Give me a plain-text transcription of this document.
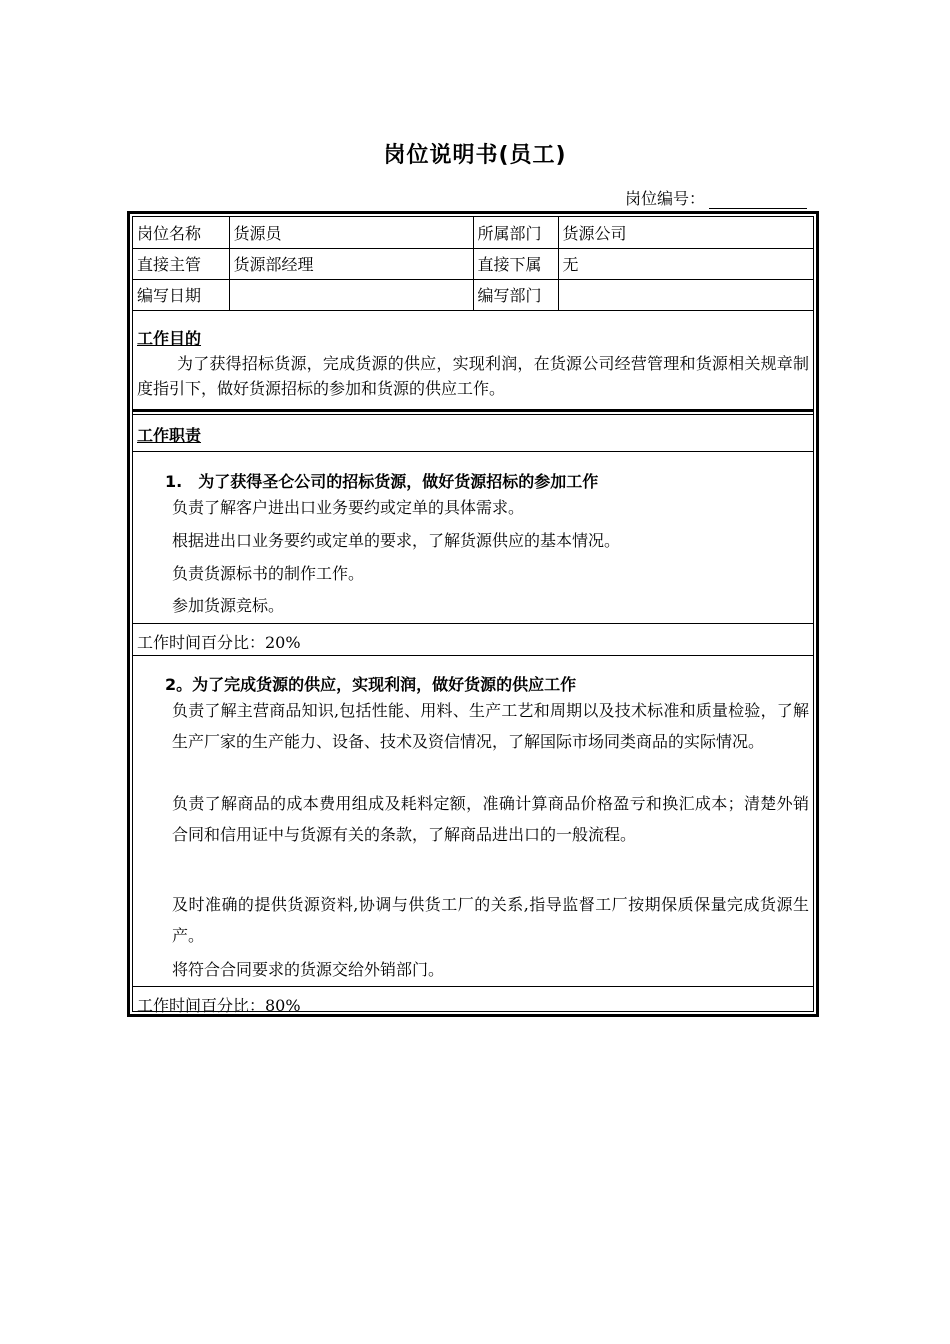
岗位说明书(员工)
岗位编号：
岗位名称	货源员	所属部门	货源公司
直接主管	货源部经理	直接下属	无
编写日期		编写部门	
工作目的
为了获得招标货源，完成货源的供应，实现利润，在货源公司经营管理和货源相关规章制度指引下，做好货源招标的参加和货源的供应工作。
工作职责
1.　为了获得圣仑公司的招标货源，做好货源招标的参加工作
负责了解客户进出口业务要约或定单的具体需求。
根据进出口业务要约或定单的要求，了解货源供应的基本情况。
负责货源标书的制作工作。
参加货源竞标。
工作时间百分比：20%
2。为了完成货源的供应，实现利润，做好货源的供应工作
负责了解主营商品知识,包括性能、用料、生产工艺和周期以及技术标准和质量检验，了解生产厂家的生产能力、设备、技术及资信情况，了解国际市场同类商品的实际情况。
负责了解商品的成本费用组成及耗料定额，准确计算商品价格盈亏和换汇成本；清楚外销合同和信用证中与货源有关的条款，了解商品进出口的一般流程。
及时准确的提供货源资料,协调与供货工厂的关系,指导监督工厂按期保质保量完成货源生产。
将符合合同要求的货源交给外销部门。
工作时间百分比：80%
